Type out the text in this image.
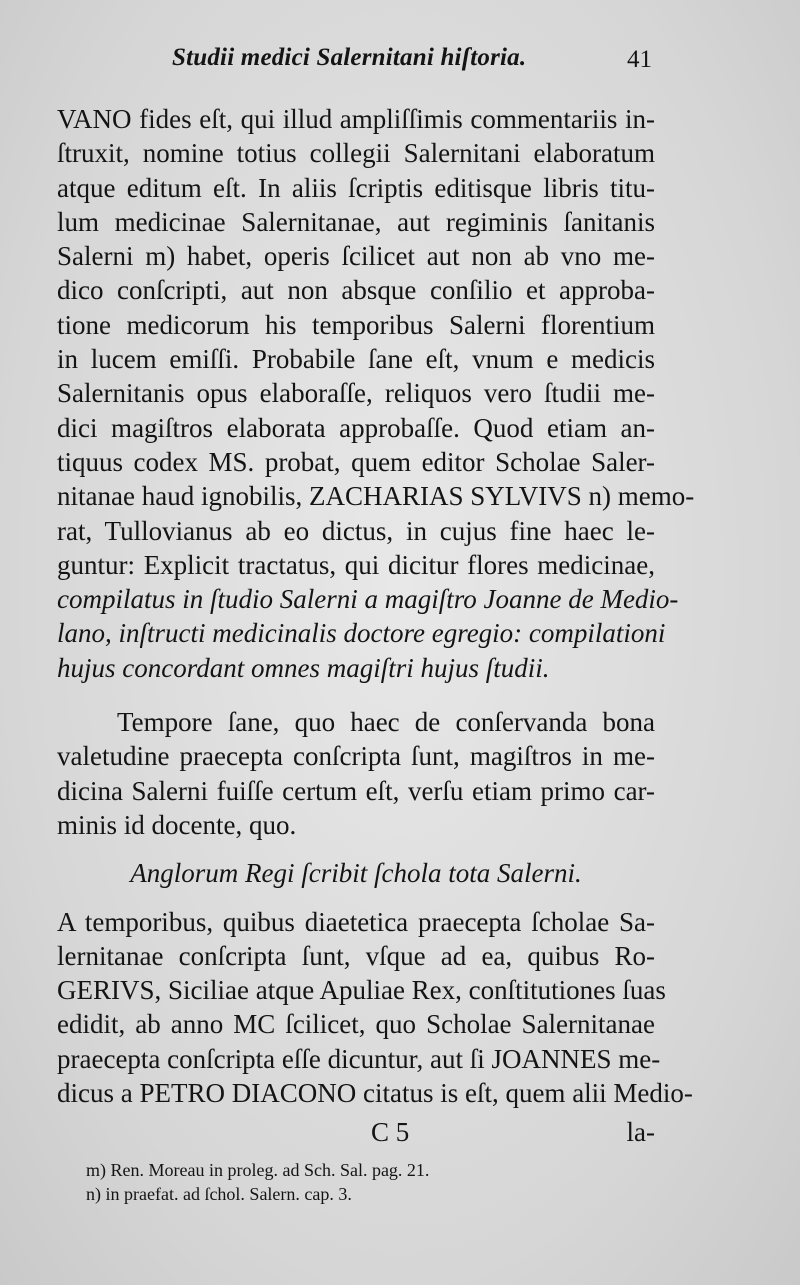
Studii medici Salernitani hiſtoria.	41
VANO fides eſt, qui illud ampliſſimis commentariis in-
ſtruxit, nomine totius collegii Salernitani elaboratum
atque editum eſt. In aliis ſcriptis editisque libris titu-
lum medicinae Salernitanae, aut regiminis ſanitanis
Salerni m) habet, operis ſcilicet aut non ab vno me-
dico conſcripti, aut non absque conſilio et approba-
tione medicorum his temporibus Salerni florentium
in lucem emiſſi. Probabile ſane eſt, vnum e medicis
Salernitanis opus elaboraſſe, reliquos vero ſtudii me-
dici magiſtros elaborata approbaſſe. Quod etiam an-
tiquus codex MS. probat, quem editor Scholae Saler-
nitanae haud ignobilis, ZACHARIAS SYLVIVS n) memo-
rat, Tullovianus ab eo dictus, in cujus fine haec le-
guntur: Explicit tractatus, qui dicitur flores medicinae,
compilatus in ſtudio Salerni a magiſtro Joanne de Medio-
lano, inſtructi medicinalis doctore egregio: compilationi
hujus concordant omnes magiſtri hujus ſtudii.
Tempore ſane, quo haec de conſervanda bona
valetudine praecepta conſcripta ſunt, magiſtros in me-
dicina Salerni fuiſſe certum eſt, verſu etiam primo car-
minis id docente, quo.
Anglorum Regi ſcribit ſchola tota Salerni.
A temporibus, quibus diaetetica praecepta ſcholae Sa-
lernitanae conſcripta ſunt, vſque ad ea, quibus Ro-
GERIVS, Siciliae atque Apuliae Rex, conſtitutiones ſuas
edidit, ab anno MC ſcilicet, quo Scholae Salernitanae
praecepta conſcripta eſſe dicuntur, aut ſi JOANNES me-
dicus a PETRO DIACONO citatus is eſt, quem alii Medio-
C 5	la-
m) Ren. Moreau in proleg. ad Sch. Sal. pag. 21.
n) in praefat. ad ſchol. Salern. cap. 3.
